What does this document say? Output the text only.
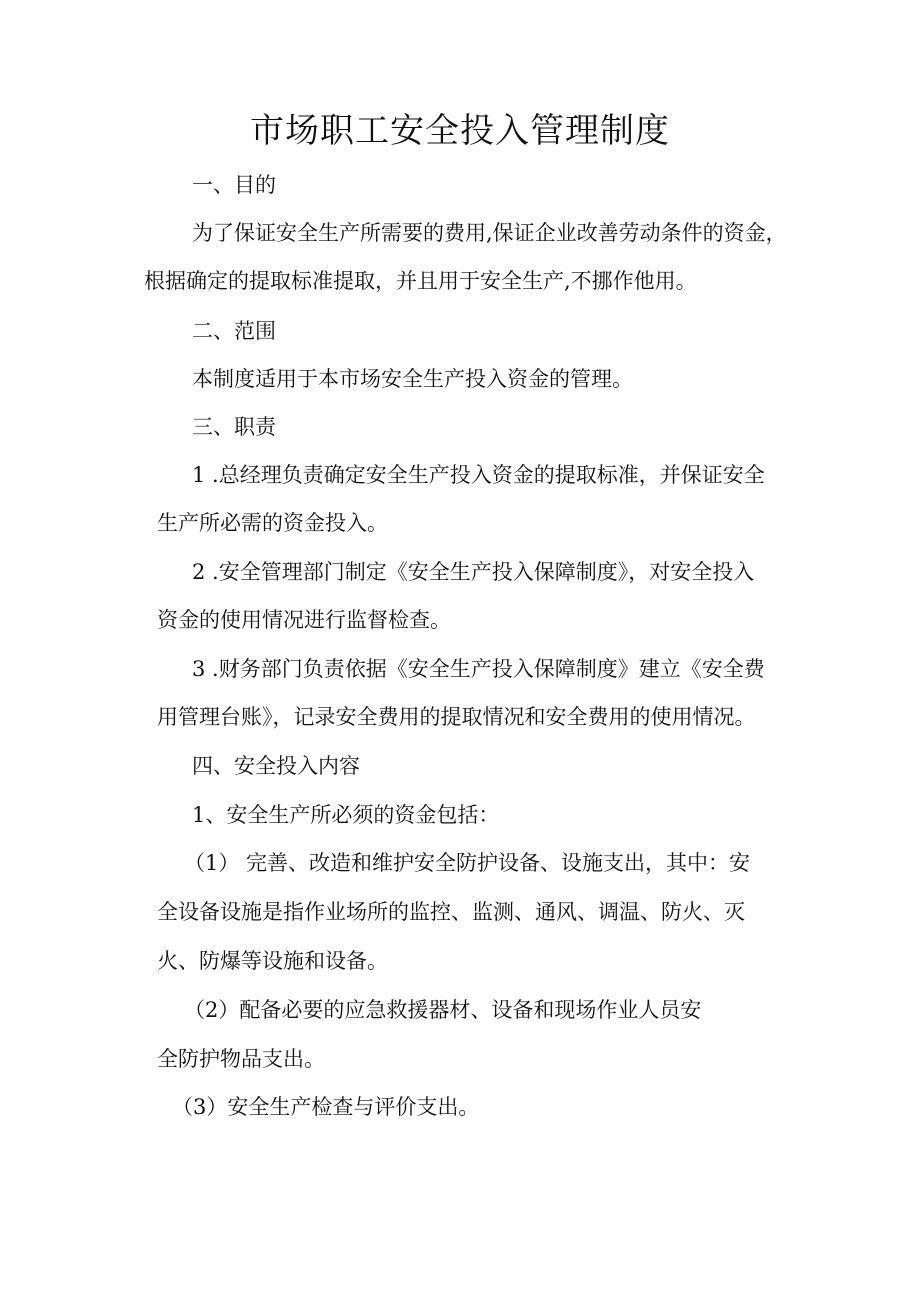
市场职工安全投入管理制度
一、目的
为了保证安全生产所需要的费用,保证企业改善劳动条件的资金，
根据确定的提取标准提取，并且用于安全生产,不挪作他用。
二、范围
本制度适用于本市场安全生产投入资金的管理。
三、职责
1 .总经理负责确定安全生产投入资金的提取标准，并保证安全
生产所必需的资金投入。
2 .安全管理部门制定《安全生产投入保障制度》，对安全投入
资金的使用情况进行监督检查。
3 .财务部门负责依据《安全生产投入保障制度》建立《安全费
用管理台账》，记录安全费用的提取情况和安全费用的使用情况。
四、安全投入内容
1、安全生产所必须的资金包括：
（1） 完善、改造和维护安全防护设备、设施支出，其中：安
全设备设施是指作业场所的监控、监测、通风、调温、防火、灭
火、防爆等设施和设备。
（2）配备必要的应急救援器材、设备和现场作业人员安
全防护物品支出。
（3）安全生产检查与评价支出。
